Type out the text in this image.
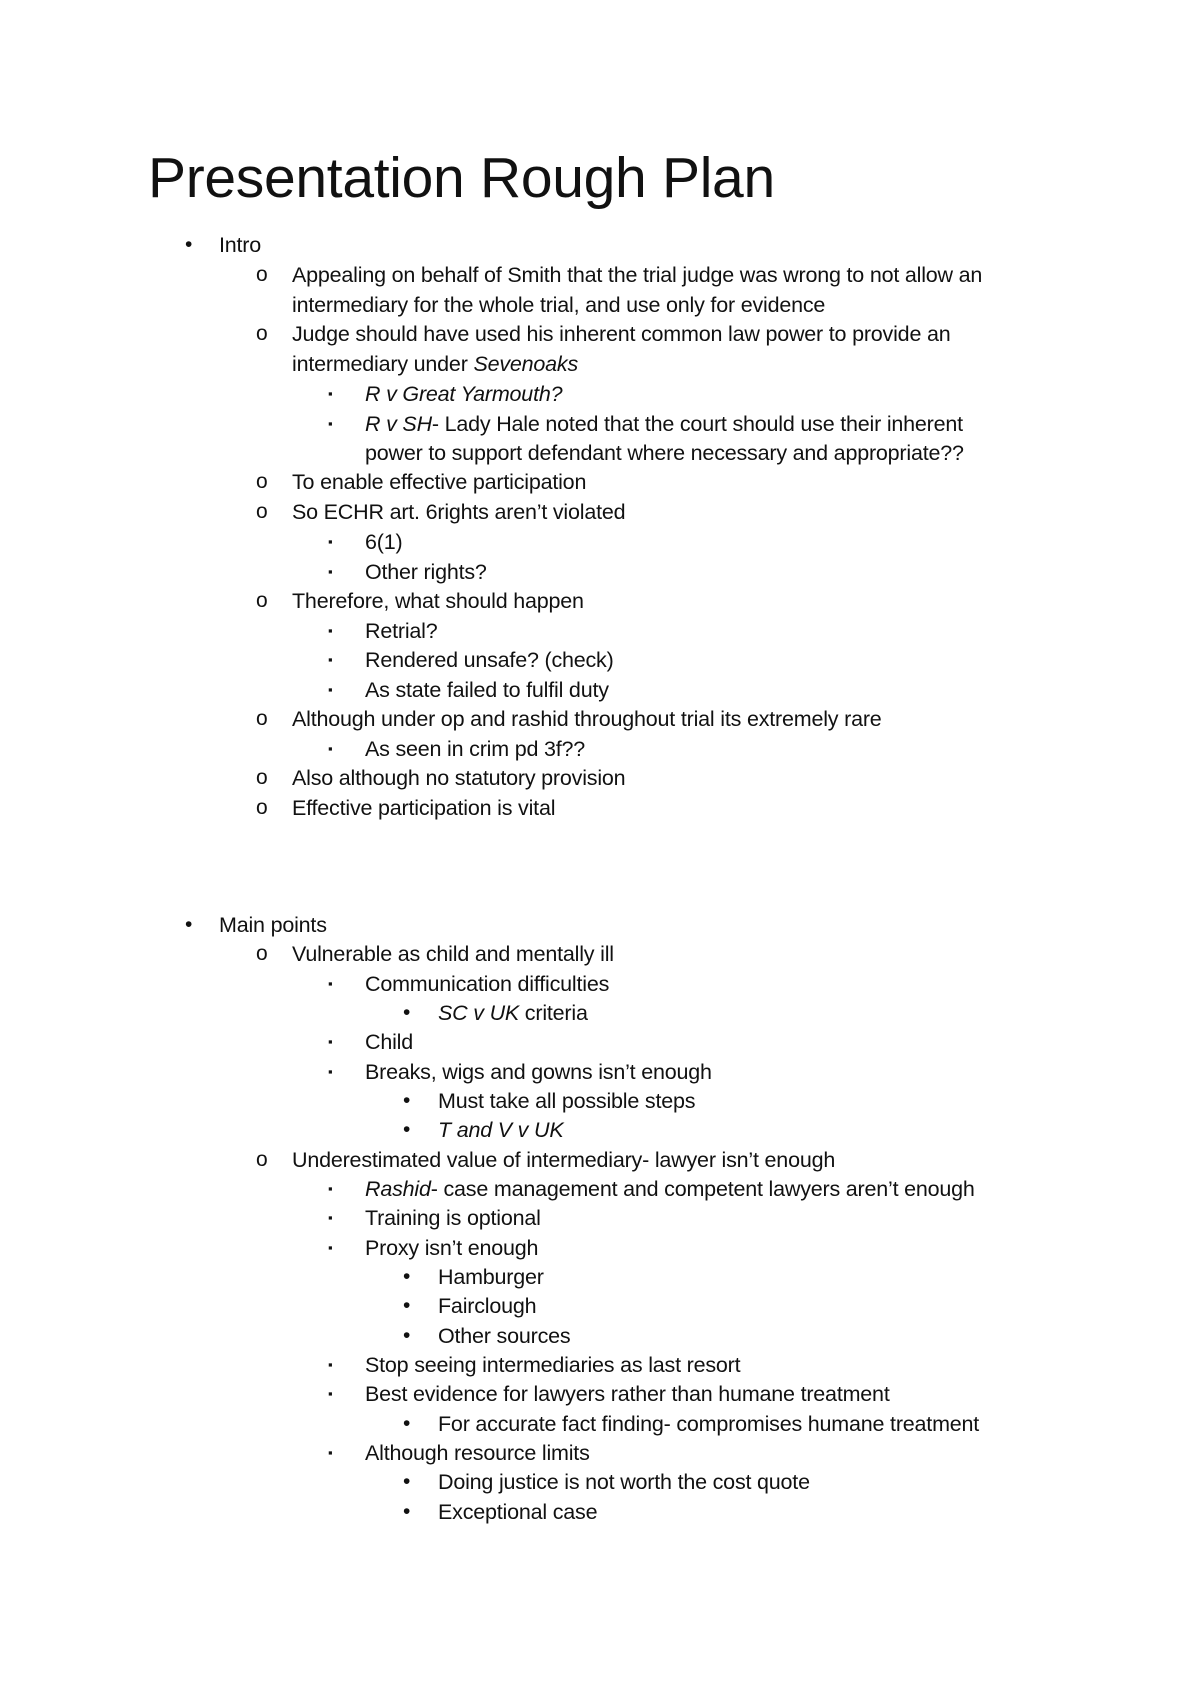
Presentation Rough Plan
• Intro
o Appealing on behalf of Smith that the trial judge was wrong to not allow an
intermediary for the whole trial, and use only for evidence
o Judge should have used his inherent common law power to provide an
intermediary under Sevenoaks
▪ R v Great Yarmouth?
▪ R v SH- Lady Hale noted that the court should use their inherent
power to support defendant where necessary and appropriate??
o To enable effective participation
o So ECHR art. 6rights aren’t violated
▪ 6(1)
▪ Other rights?
o Therefore, what should happen
▪ Retrial?
▪ Rendered unsafe? (check)
▪ As state failed to fulfil duty
o Although under op and rashid throughout trial its extremely rare
▪ As seen in crim pd 3f??
o Also although no statutory provision
o Effective participation is vital
• Main points
o Vulnerable as child and mentally ill
▪ Communication difficulties
• SC v UK criteria
▪ Child
▪ Breaks, wigs and gowns isn’t enough
• Must take all possible steps
• T and V v UK
o Underestimated value of intermediary- lawyer isn’t enough
▪ Rashid- case management and competent lawyers aren’t enough
▪ Training is optional
▪ Proxy isn’t enough
• Hamburger
• Fairclough
• Other sources
▪ Stop seeing intermediaries as last resort
▪ Best evidence for lawyers rather than humane treatment
• For accurate fact finding- compromises humane treatment
▪ Although resource limits
• Doing justice is not worth the cost quote
• Exceptional case
